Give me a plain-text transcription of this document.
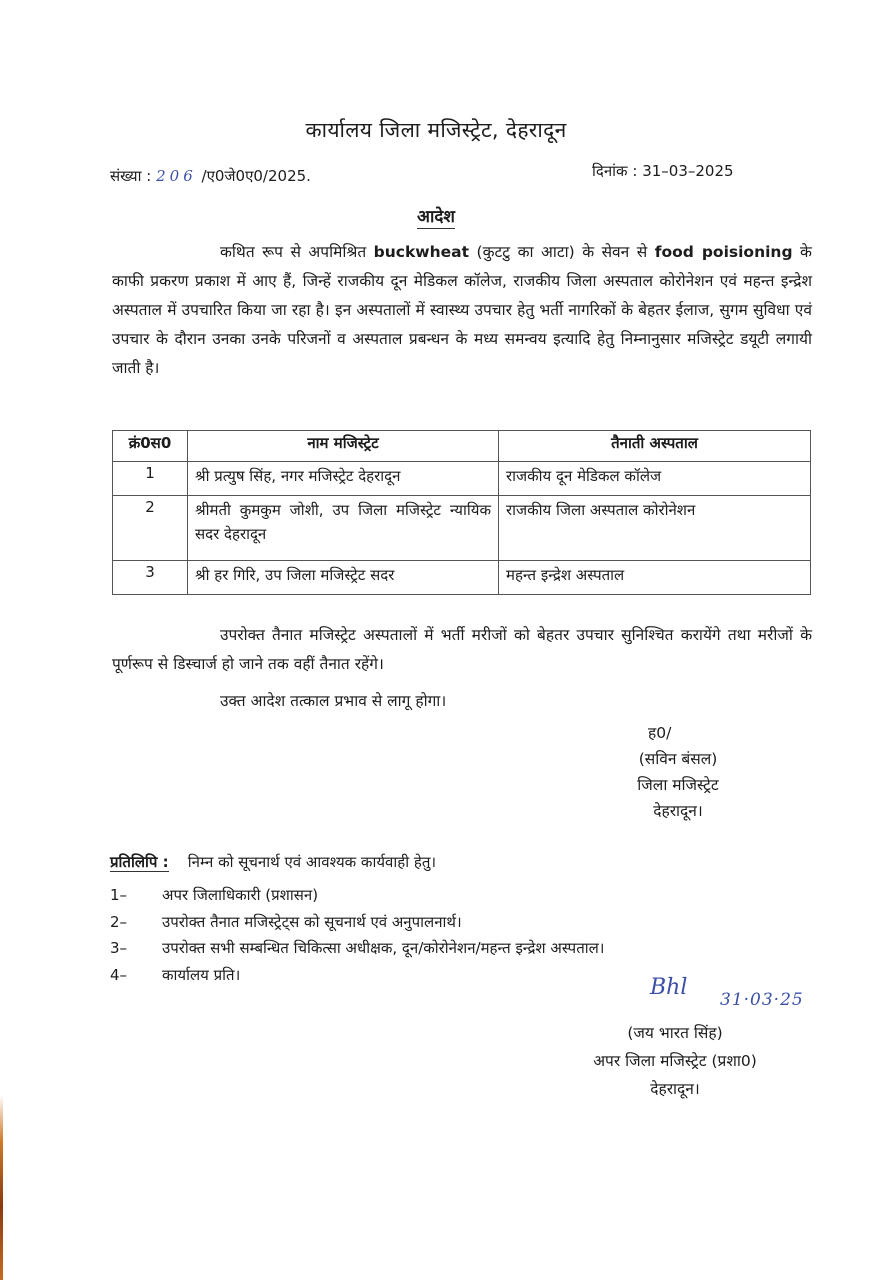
कार्यालय जिला मजिस्ट्रेट, देहरादून
संख्या : 206 /ए0जे0ए0/2025.	दिनांक : 31–03–2025
आदेश
कथित रूप से अपमिश्रित buckwheat (कुटटु का आटा) के सेवन से food poisioning के काफी प्रकरण प्रकाश में आए हैं, जिन्हें राजकीय दून मेडिकल कॉलेज, राजकीय जिला अस्पताल कोरोनेशन एवं महन्त इन्द्रेश अस्पताल में उपचारित किया जा रहा है। इन अस्पतालों में स्वास्थ्य उपचार हेतु भर्ती नागरिकों के बेहतर ईलाज, सुगम सुविधा एवं उपचार के दौरान उनका उनके परिजनों व अस्पताल प्रबन्धन के मध्य समन्वय इत्यादि हेतु निम्नानुसार मजिस्ट्रेट डयूटी लगायी जाती है।
क्रं0स0	नाम मजिस्ट्रेट	तैनाती अस्पताल
1	श्री प्रत्युष सिंह, नगर मजिस्ट्रेट देहरादून	राजकीय दून मेडिकल कॉलेज
2	श्रीमती कुमकुम जोशी, उप जिला मजिस्ट्रेट न्यायिक सदर देहरादून	राजकीय जिला अस्पताल कोरोनेशन
3	श्री हर गिरि, उप जिला मजिस्ट्रेट सदर	महन्त इन्द्रेश अस्पताल
उपरोक्त तैनात मजिस्ट्रेट अस्पतालों में भर्ती मरीजों को बेहतर उपचार सुनिश्चित करायेंगे तथा मरीजों के पूर्णरूप से डिस्चार्ज हो जाने तक वहीं तैनात रहेंगे।
उक्त आदेश तत्काल प्रभाव से लागू होगा।
ह0/
(सविन बंसल)
जिला मजिस्ट्रेट
देहरादून।
प्रतिलिपि : निम्न को सूचनार्थ एवं आवश्यक कार्यवाही हेतु।
1– अपर जिलाधिकारी (प्रशासन)
2– उपरोक्त तैनात मजिस्ट्रेट्स को सूचनार्थ एवं अनुपालनार्थ।
3– उपरोक्त सभी सम्बन्धित चिकित्सा अधीक्षक, दून/कोरोनेशन/महन्त इन्द्रेश अस्पताल।
4– कार्यालय प्रति।
Bhl 31·03·25
(जय भारत सिंह)
अपर जिला मजिस्ट्रेट (प्रशा0)
देहरादून।
